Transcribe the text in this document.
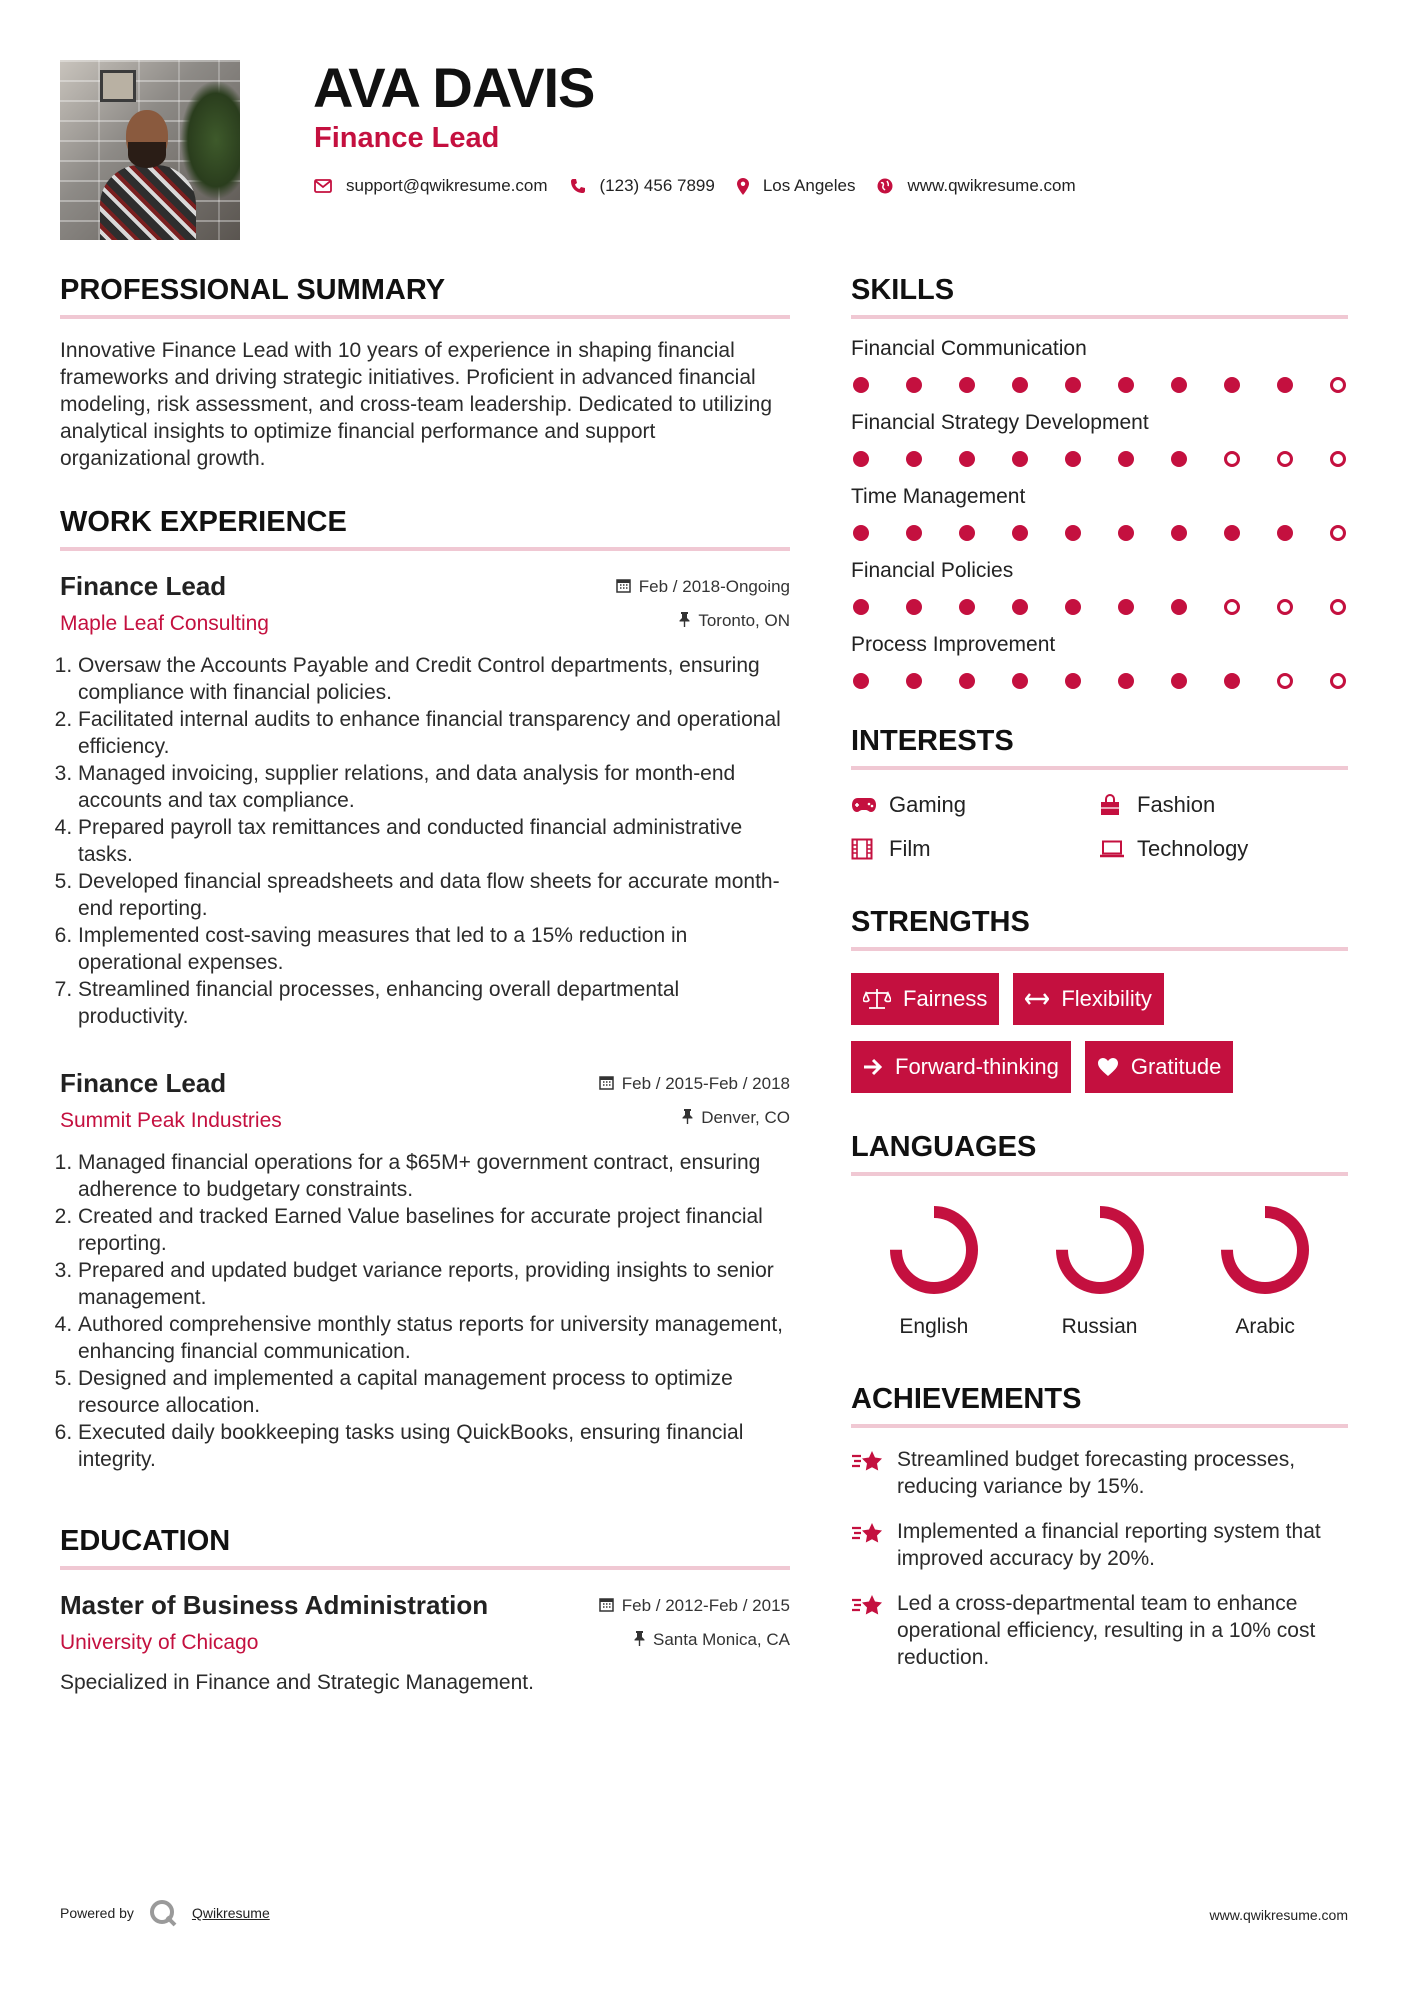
AVA DAVIS
Finance Lead
support@qwikresume.com	(123) 456 7899	Los Angeles	www.qwikresume.com
PROFESSIONAL SUMMARY

Innovative Finance Lead with 10 years of experience in shaping financial frameworks and driving strategic initiatives. Proficient in advanced financial modeling, risk assessment, and cross-team leadership. Dedicated to utilizing analytical insights to optimize financial performance and support organizational growth.

WORK EXPERIENCE
Finance Lead

Maple Leaf Consulting

Feb / 2018-Ongoing
Toronto, ON
1. Oversaw the Accounts Payable and Credit Control departments, ensuring compliance with financial policies.
2. Facilitated internal audits to enhance financial transparency and operational efficiency.
3. Managed invoicing, supplier relations, and data analysis for month-end accounts and tax compliance.
4. Prepared payroll tax remittances and conducted financial administrative tasks.
5. Developed financial spreadsheets and data flow sheets for accurate month-end reporting.
6. Implemented cost-saving measures that led to a 15% reduction in operational expenses.
7. Streamlined financial processes, enhancing overall departmental productivity.
Finance Lead

Summit Peak Industries

Feb / 2015-Feb / 2018
Denver, CO
1. Managed financial operations for a $65M+ government contract, ensuring adherence to budgetary constraints.
2. Created and tracked Earned Value baselines for accurate project financial reporting.
3. Prepared and updated budget variance reports, providing insights to senior management.
4. Authored comprehensive monthly status reports for university management, enhancing financial communication.
5. Designed and implemented a capital management process to optimize resource allocation.
6. Executed daily bookkeeping tasks using QuickBooks, ensuring financial integrity.
EDUCATION
Master of Business Administration

University of Chicago

Feb / 2012-Feb / 2015
Santa Monica, CA

Specialized in Finance and Strategic Management.

SKILLS

Financial Communication

Financial Strategy Development

Time Management

Financial Policies

Process Improvement

INTERESTS
Gaming	Fashion
Film	Technology
STRENGTHS
Fairness	Flexibility
Forward-thinking	Gratitude
LANGUAGES
English	Russian	Arabic
ACHIEVEMENTS
Streamlined budget forecasting processes, reducing variance by 15%.
Implemented a financial reporting system that improved accuracy by 20%.
Led a cross-departmental team to enhance operational efficiency, resulting in a 10% cost reduction.
Powered by	Qwikresume	www.qwikresume.com
